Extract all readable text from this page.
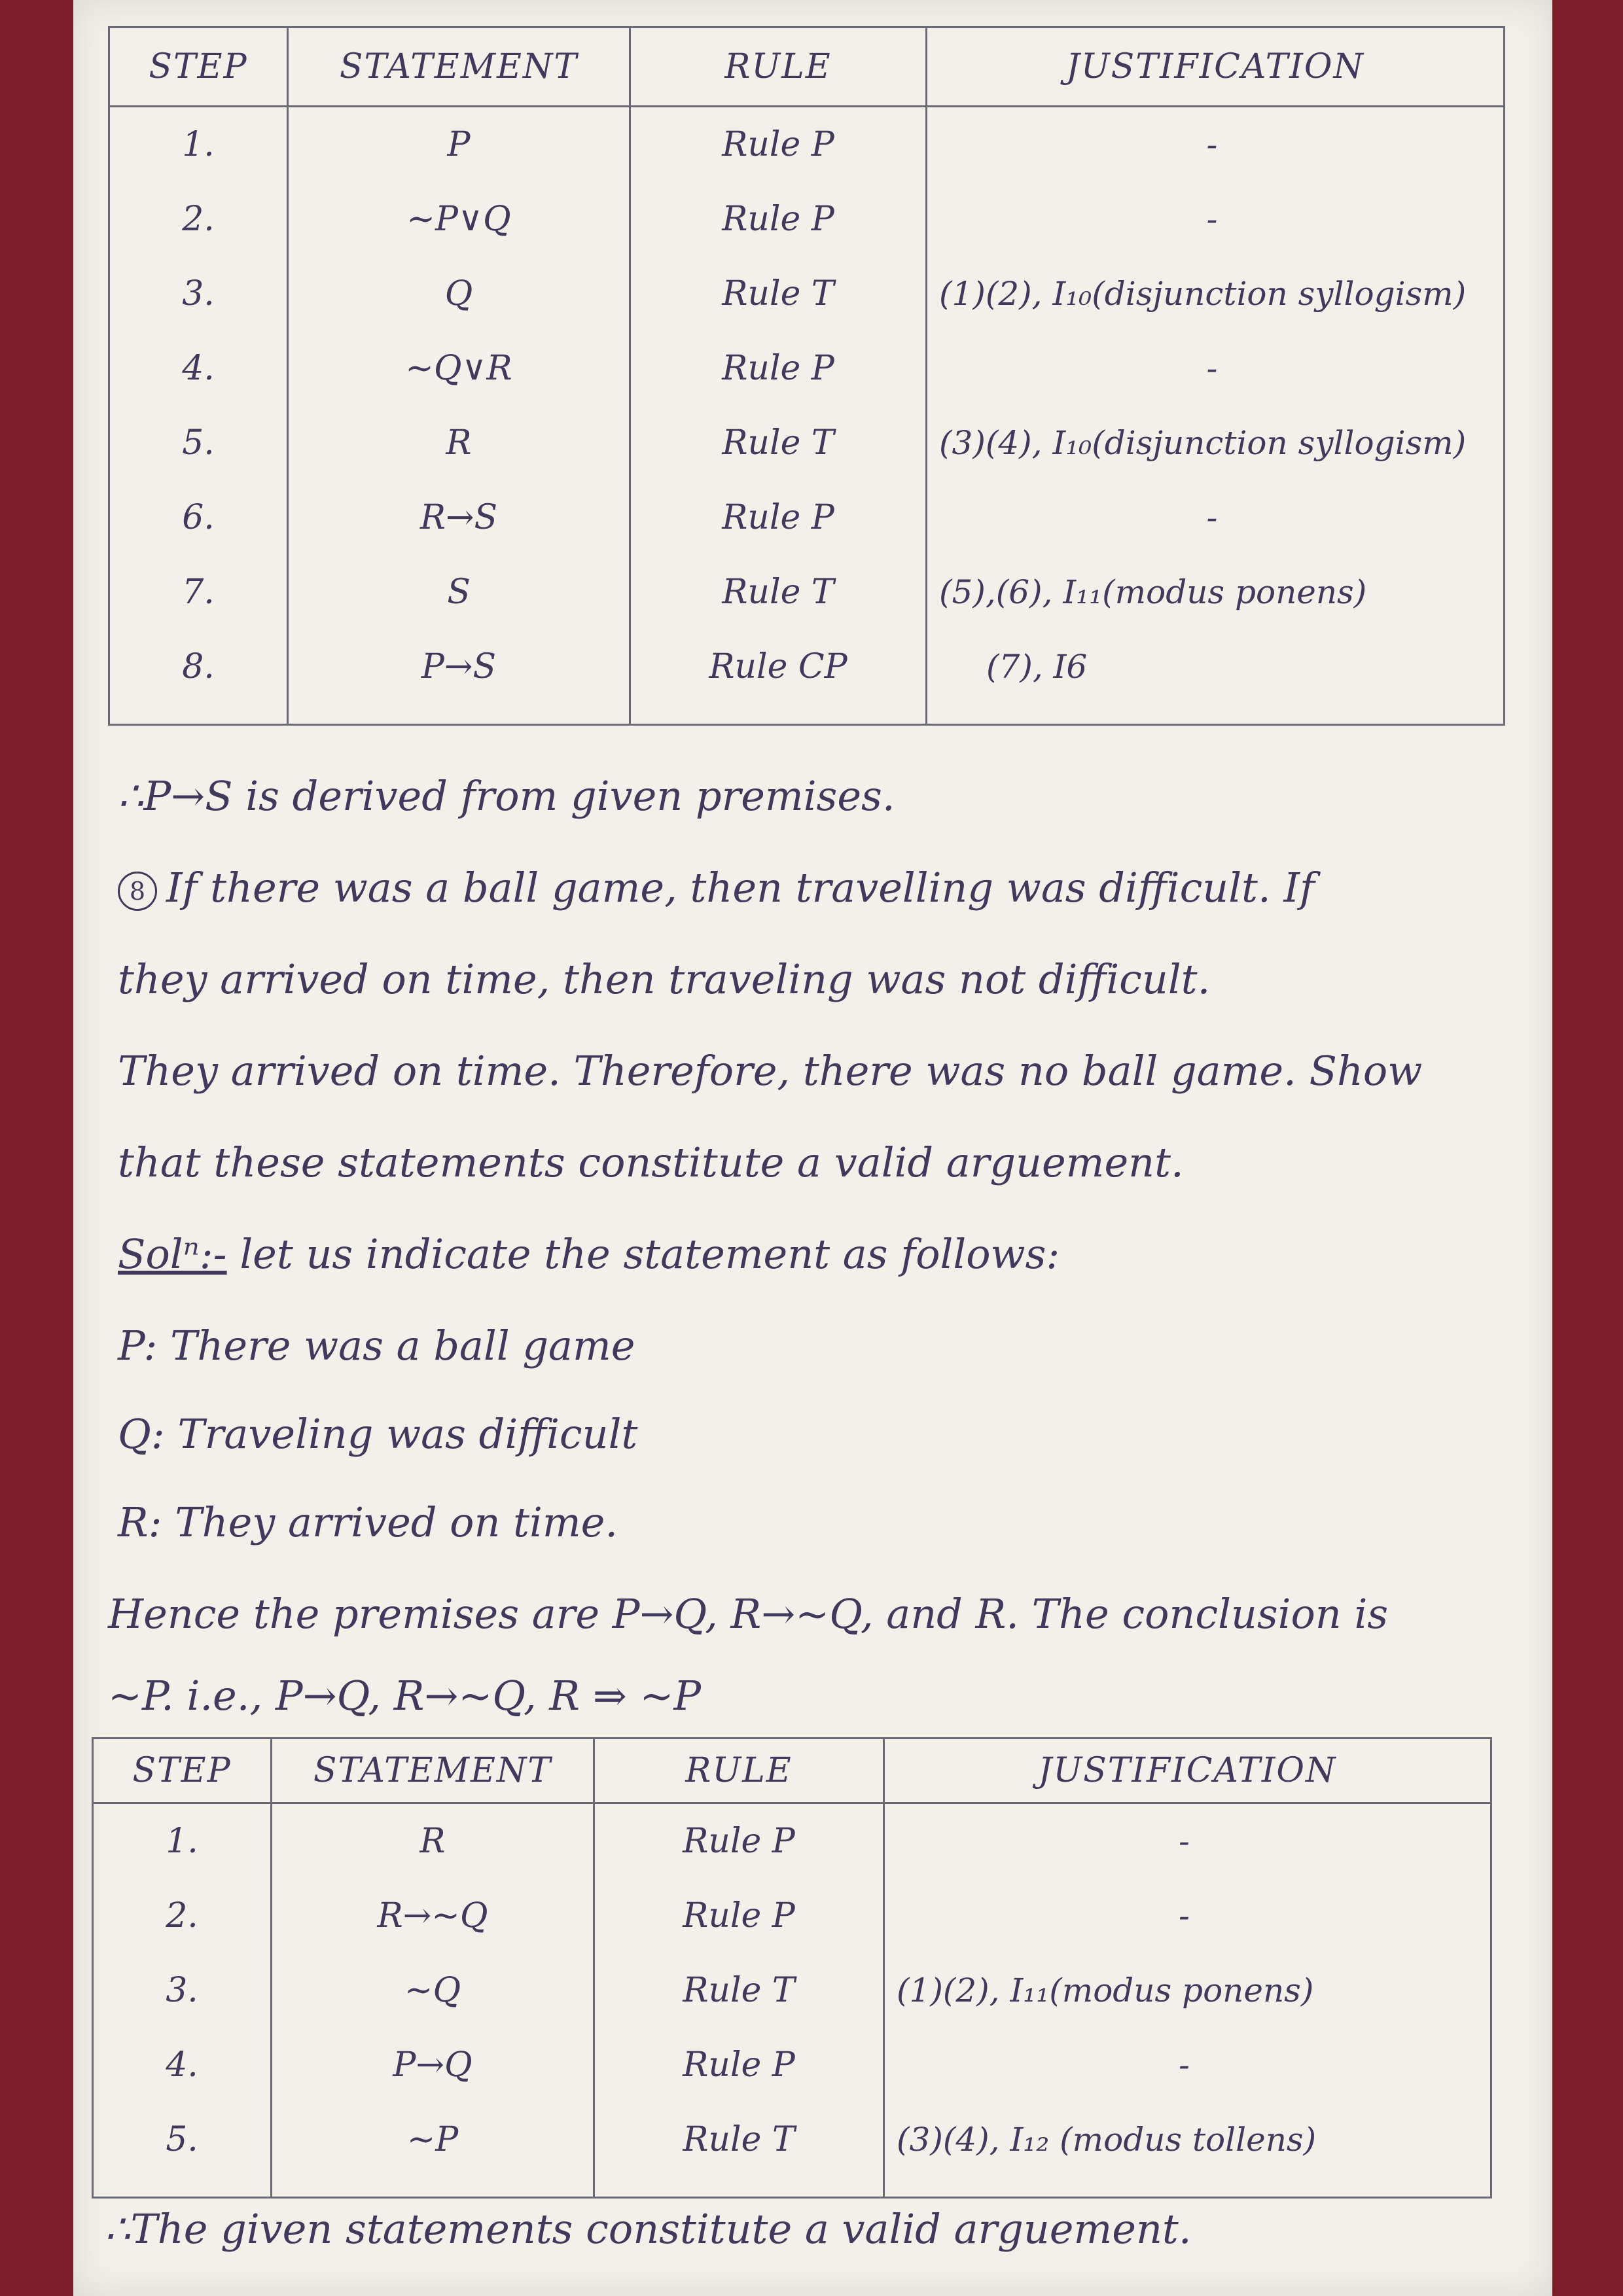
STEP	STATEMENT	RULE	JUSTIFICATION
1.	P	Rule P	-
2.	~P∨Q	Rule P	-
3.	Q	Rule T	(1)(2), I₁₀(disjunction syllogism)
4.	~Q∨R	Rule P	-
5.	R	Rule T	(3)(4), I₁₀(disjunction syllogism)
6.	R→S	Rule P	-
7.	S	Rule T	(5),(6), I₁₁(modus ponens)
8.	P→S	Rule CP	(7), I6
∴P→S is derived from given premises.
8 If there was a ball game, then travelling was difficult. If
they arrived on time, then traveling was not difficult.
They arrived on time. Therefore, there was no ball game. Show
that these statements constitute a valid arguement.
Solⁿ:- let us indicate the statement as follows:
P: There was a ball game
Q: Traveling was difficult
R: They arrived on time.
Hence the premises are P→Q, R→~Q, and R. The conclusion is
~P. i.e., P→Q, R→~Q, R ⇒ ~P
STEP	STATEMENT	RULE	JUSTIFICATION
1.	R	Rule P	-
2.	R→~Q	Rule P	-
3.	~Q	Rule T	(1)(2), I₁₁(modus ponens)
4.	P→Q	Rule P	-
5.	~P	Rule T	(3)(4), I₁₂ (modus tollens)
∴The given statements constitute a valid arguement.
